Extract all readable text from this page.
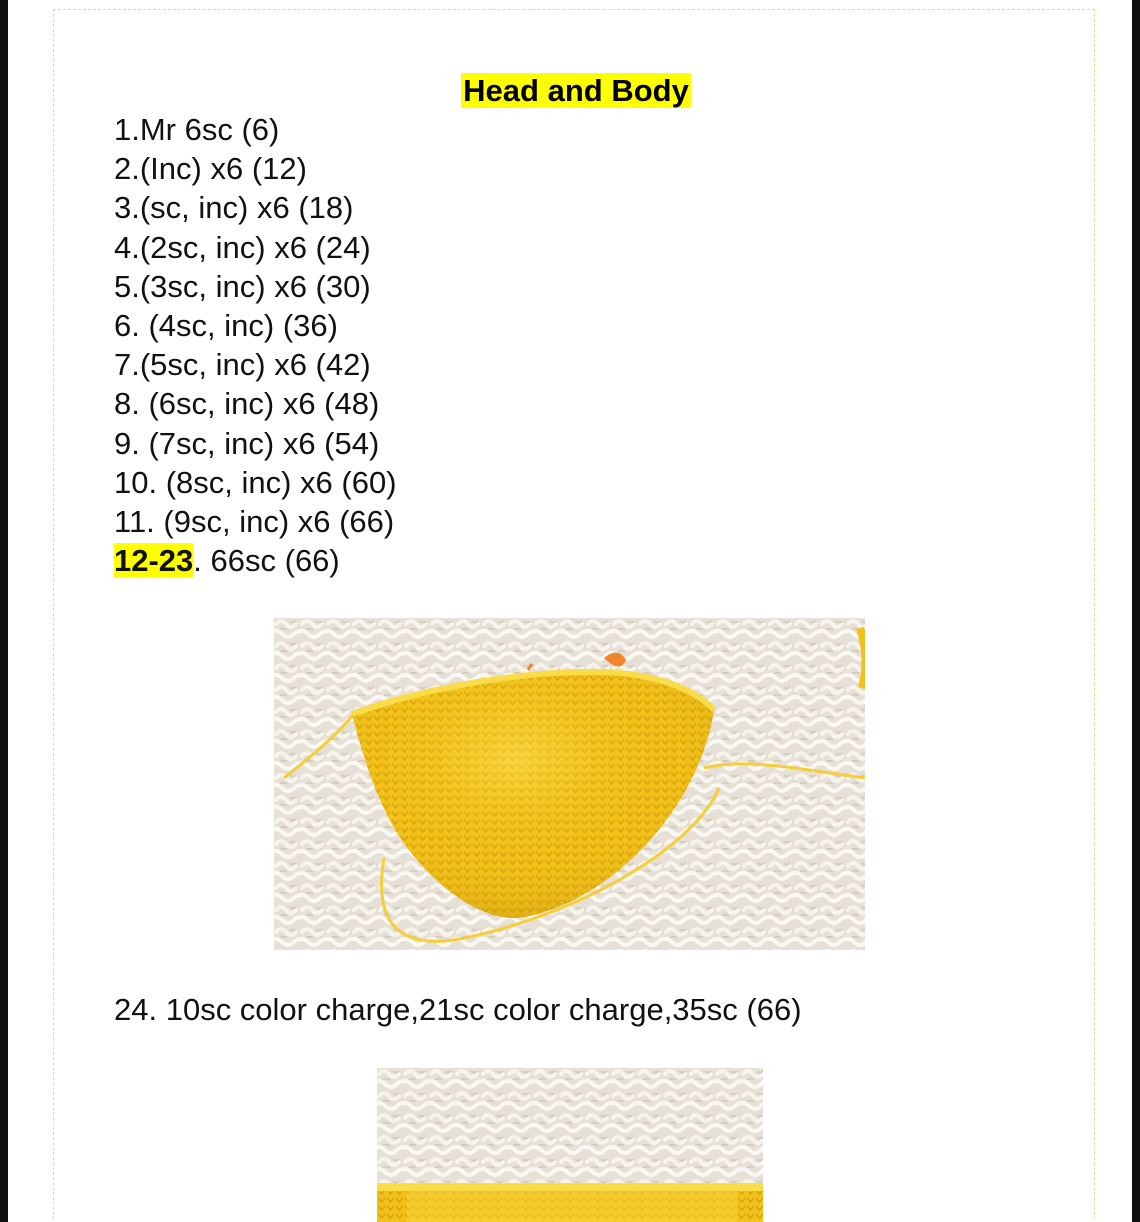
Head and Body
1.Mr 6sc (6)
2.(Inc) x6 (12)
3.(sc, inc) x6 (18)
4.(2sc, inc) x6 (24)
5.(3sc, inc) x6 (30)
6. (4sc, inc) (36)
7.(5sc, inc) x6 (42)
8. (6sc, inc) x6 (48)
9. (7sc, inc) x6 (54)
10. (8sc, inc) x6 (60)
11. (9sc, inc) x6 (66)
12-23. 66sc (66)
24. 10sc color charge,21sc color charge,35sc (66)
